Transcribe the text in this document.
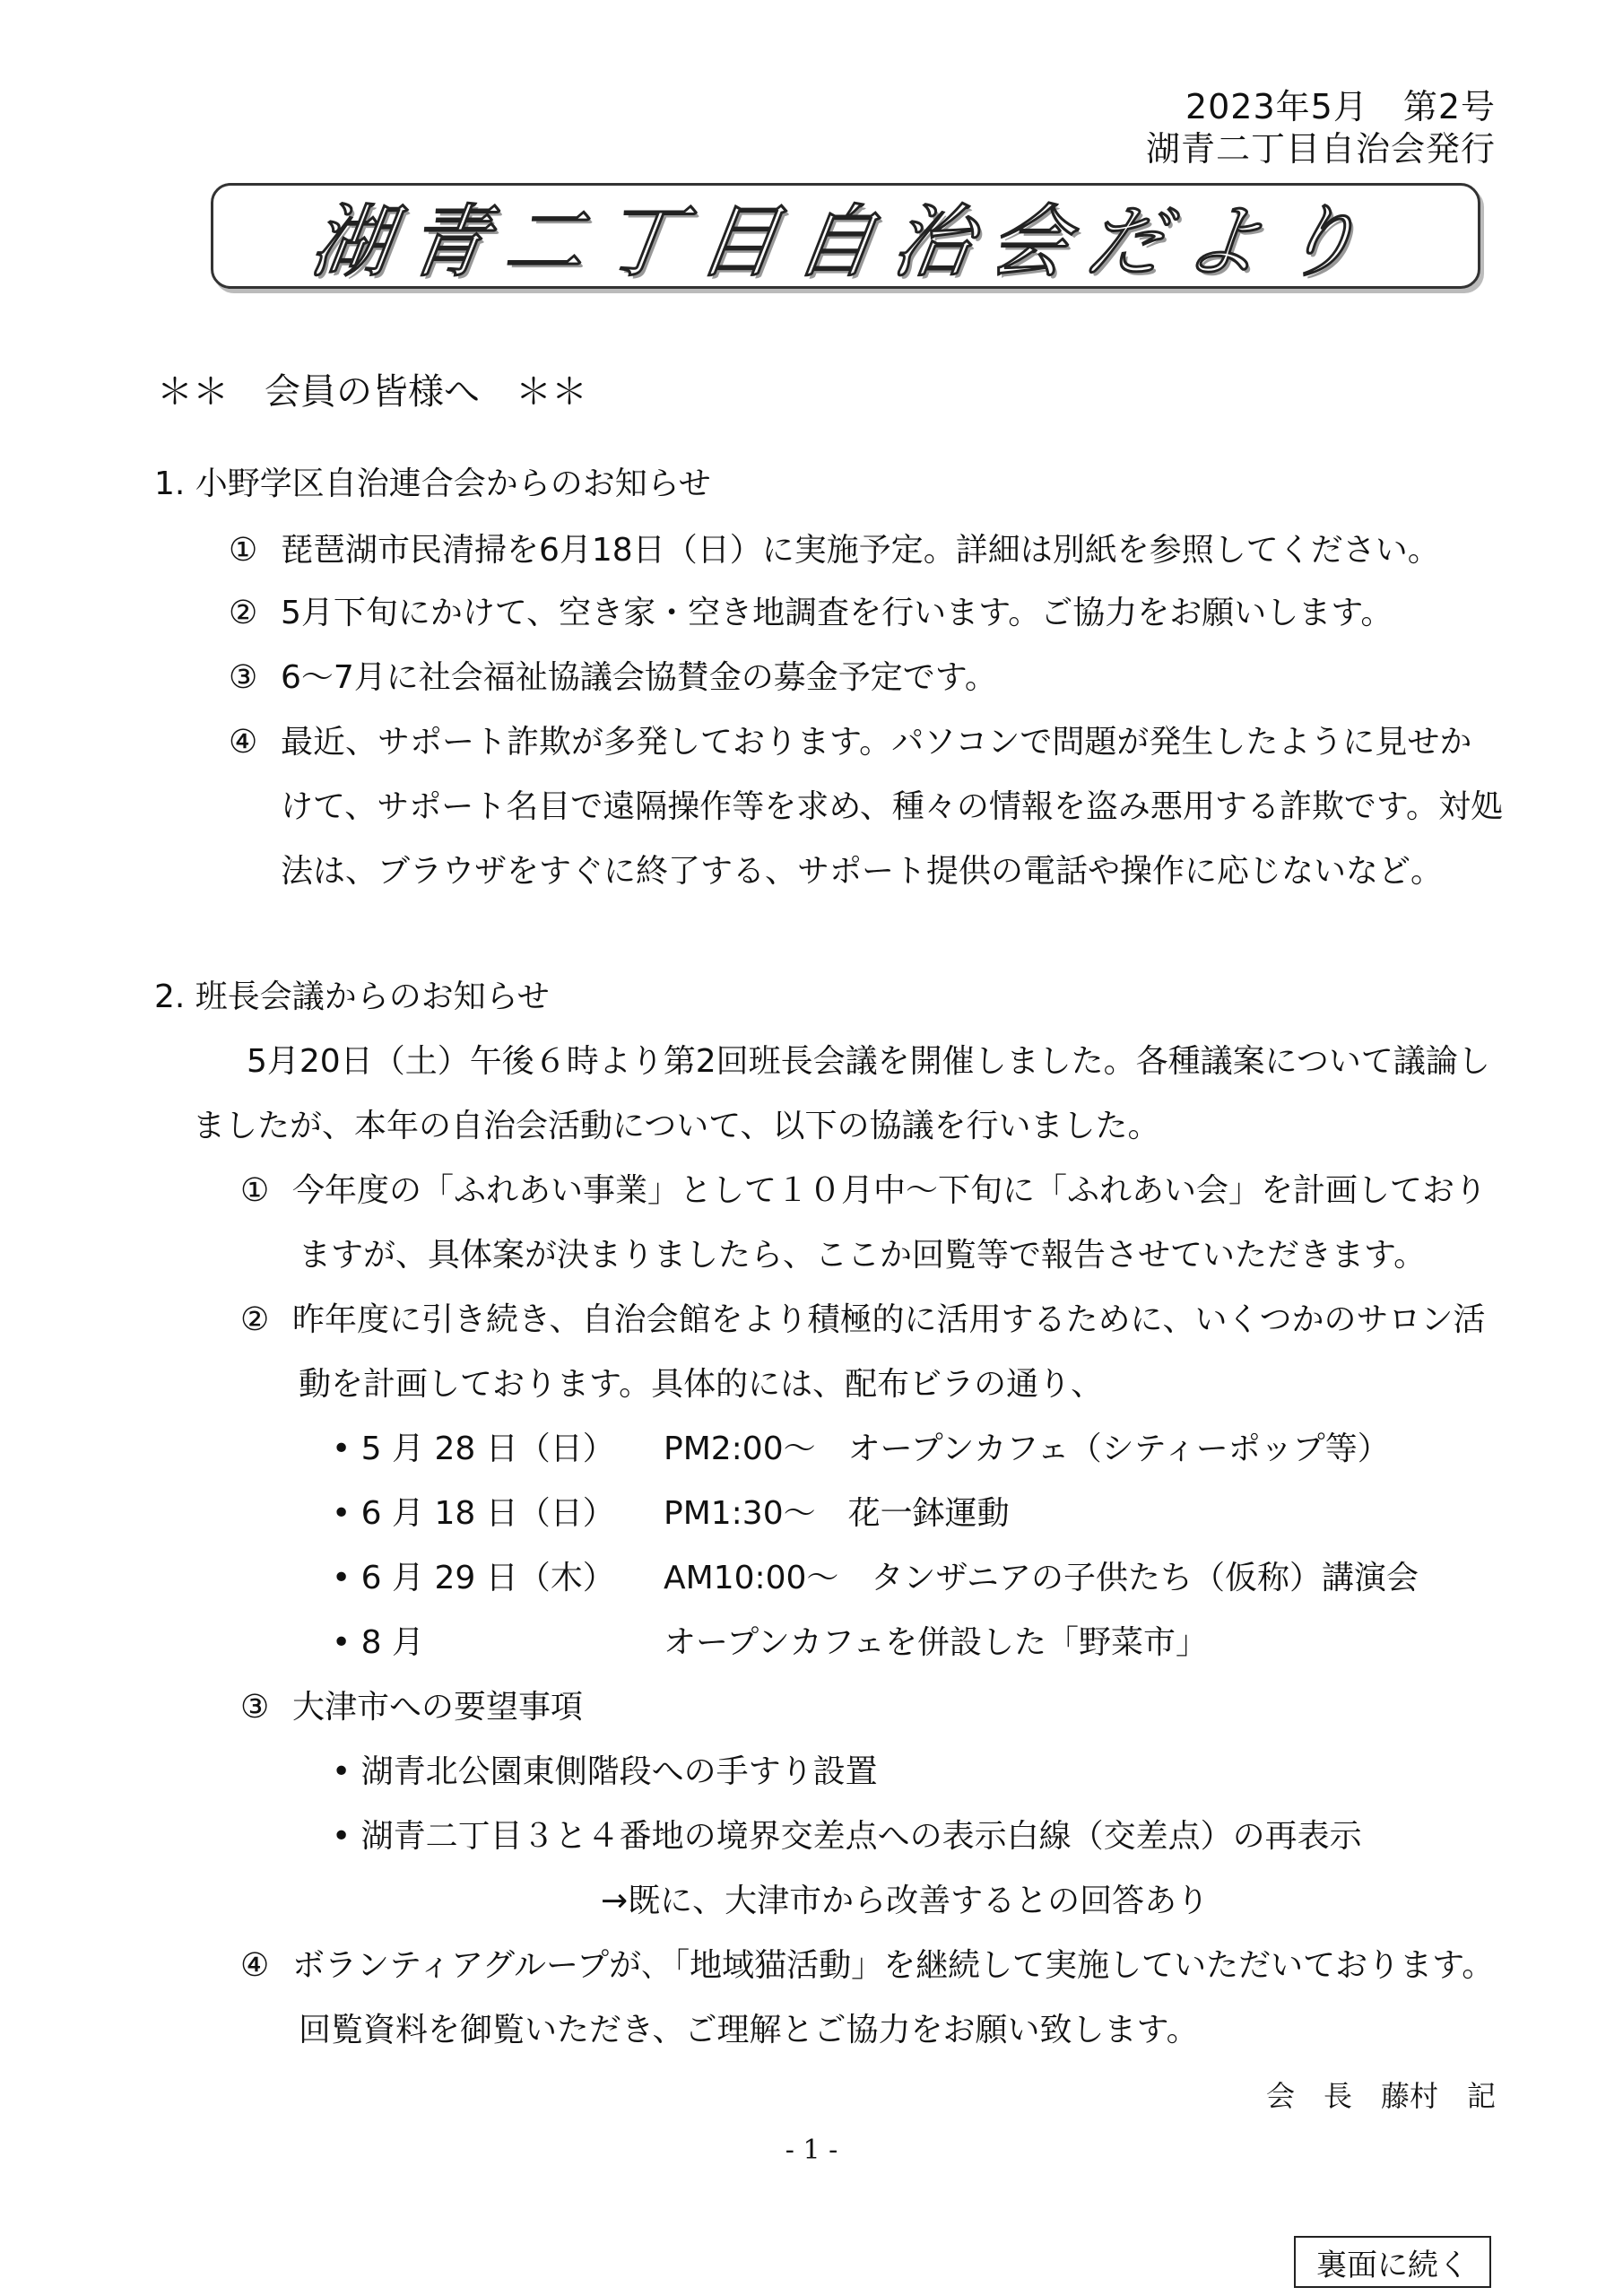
2023年5月　第2号
湖青二丁目自治会発行
湖青二丁目自治会だより
＊＊　会員の皆様へ　＊＊
1. 小野学区自治連合会からのお知らせ
① 琵琶湖市民清掃を6月18日（日）に実施予定。詳細は別紙を参照してください。
② 5月下旬にかけて、空き家・空き地調査を行います。ご協力をお願いします。
③ 6〜7月に社会福祉協議会協賛金の募金予定です。
④ 最近、サポート詐欺が多発しております。パソコンで問題が発生したように見せか
けて、サポート名目で遠隔操作等を求め、種々の情報を盗み悪用する詐欺です。対処
法は、ブラウザをすぐに終了する、サポート提供の電話や操作に応じないなど。
2. 班長会議からのお知らせ
5月20日（土）午後６時より第2回班長会議を開催しました。各種議案について議論し
ましたが、本年の自治会活動について、以下の協議を行いました。
① 今年度の「ふれあい事業」として１０月中〜下旬に「ふれあい会」を計画しており
ますが、具体案が決まりましたら、ここか回覧等で報告させていただきます。
② 昨年度に引き続き、自治会館をより積極的に活用するために、いくつかのサロン活
動を計画しております。具体的には、配布ビラの通り、
• 5 月 28 日（日） PM2:00〜　オープンカフェ（シティーポップ等）
• 6 月 18 日（日） PM1:30〜　花一鉢運動
• 6 月 29 日（木） AM10:00〜　タンザニアの子供たち（仮称）講演会
• 8 月	オープンカフェを併設した「野菜市」
③ 大津市への要望事項
• 湖青北公園東側階段への手すり設置
• 湖青二丁目３と４番地の境界交差点への表示白線（交差点）の再表示
→既に、大津市から改善するとの回答あり
④ ボランティアグループが､「地域猫活動」を継続して実施していただいております。
回覧資料を御覧いただき、ご理解とご協力をお願い致します。
会　長　藤村　記
- 1 -
裏面に続く
